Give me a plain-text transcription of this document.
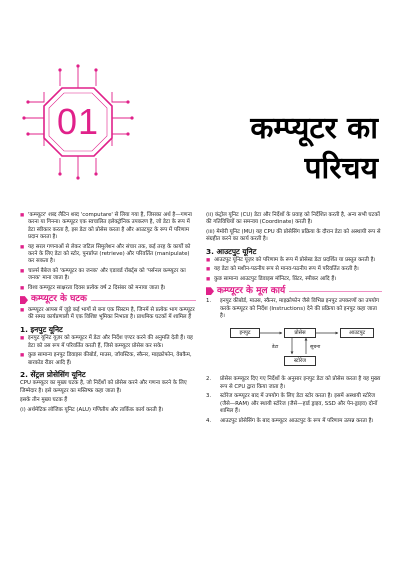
01	कम्प्यूटर का
परिचय
■ 'कम्प्यूटर' शब्द लैटिन शब्द 'computare' से लिया गया है, जिसका अर्थ है—गणना करना या गिनना। कम्प्यूटर एक स्वचालित इलेक्ट्रॉनिक उपकरण है, जो डेटा के रूप में डेटा स्वीकार करता है, इस डेटा को प्रोसेस करता है और आउटपुट के रूप में परिणाम प्रदान करता है।
■ यह सरल गणनाओं से लेकर जटिल सिमुलेशन और संचार तक, कई तरह के कार्यों को करने के लिए डेटा को स्टोर, पुनर्प्राप्त (retrieve) और परिवर्तित (manipulate) कर सकता है।
■ चार्ल्स बैबेज को 'कम्प्यूटर का जनक' और एडावर्ड रॉबर्ट्स को 'पर्सनल कम्प्यूटर का जनक' माना जाता है।
■ विश्व कम्प्यूटर साक्षरता दिवस प्रत्येक वर्ष 2 दिसंबर को मनाया जाता है।
कम्प्यूटर के घटक
■ कम्प्यूटर आपस में जुड़े कई भागों से बना एक सिस्टम है, जिनमें से प्रत्येक भाग कम्प्यूटर की समग्र कार्यप्रणाली में एक विशिष्ट भूमिका निभाता है। प्राथमिक घटकों में शामिल हैं
1. इनपुट यूनिट
■ इनपुट यूनिट यूज़र को कम्प्यूटर में डेटा और निर्देश एण्टर करने की अनुमति देती हैं। यह डेटा को उस रूप में परिवर्तित करती हैं, जिसे कम्प्यूटर प्रोसेस कर सके।
■ कुछ सामान्य इनपुट डिवाइस कीबोर्ड, माउस, जॉयस्टिक, स्कैनर, माइक्रोफोन, वेबकैम, बारकोड रीडर आदि हैं।
2. सेंट्रल प्रोसेसिंग यूनिट
CPU कम्प्यूटर का मुख्य घटक है, जो निर्देशों को प्रोसेस करने और गणना करने के लिए जिम्मेदार है। इसे कम्प्यूटर का मस्तिष्क कहा जाता है।
इसके तीन मुख्य घटक हैं
(i) अर्थमेटिक लॉजिक यूनिट (ALU) गणितीय और तार्किक कार्य करती है।
(ii) कंट्रोल यूनिट (CU) डेटा और निर्देशों के प्रवाह को निर्देशित करती है, अन्य सभी घटकों की गतिविधियों का समन्वय (Coordinate) करती है।
(iii) मेमोरी यूनिट (MU) यह CPU की प्रोसेसिंग प्रक्रिया के दौरान डेटा को अस्थायी रूप से संग्रहीत करने का कार्य करती है।
3. आउटपुट यूनिट
■ आउटपुट यूनिट यूज़र को परिणाम के रूप में प्रोसेस्ड डेटा प्रदर्शित या प्रस्तुत करती है।
■ यह डेटा को मशीन-पठनीय रूप से मानव-पठनीय रूप में परिवर्तित करती है।
■ कुछ सामान्य आउटपुट डिवाइस मॉनिटर, प्रिंटर, स्पीकर आदि हैं।
कम्प्यूटर के मूल कार्य
1. इनपुट कीबोर्ड, माउस, स्कैनर, माइक्रोफोन जैसे विभिन्न इनपुट उपकरणों का उपयोग करके कम्प्यूटर को निर्देश (Instructions) देने की प्रक्रिया को इनपुट कहा जाता है।
इनपुट	प्रोसेस	आउटपुट
स्टोरेज
डेटा	सूचना
2. प्रोसेस कम्प्यूटर दिए गए निर्देशों के अनुसार इनपुट डेटा को प्रोसेस करता है यह मुख्य रूप से CPU द्वारा किया जाता है।
3. स्टोरेज कम्प्यूटर बाद में उपयोग के लिए डेटा स्टोर करता है। इसमें अस्थायी स्टोरेज (जैसे—RAM) और स्थायी स्टोरेज (जैसे—हार्ड ड्राइव, SSD और पेन-ड्राइव) दोनों शामिल हैं।
4. आउटपुट प्रोसेसिंग के बाद कम्प्यूटर आउटपुट के रूप में परिणाम उत्पन्न करता है।
